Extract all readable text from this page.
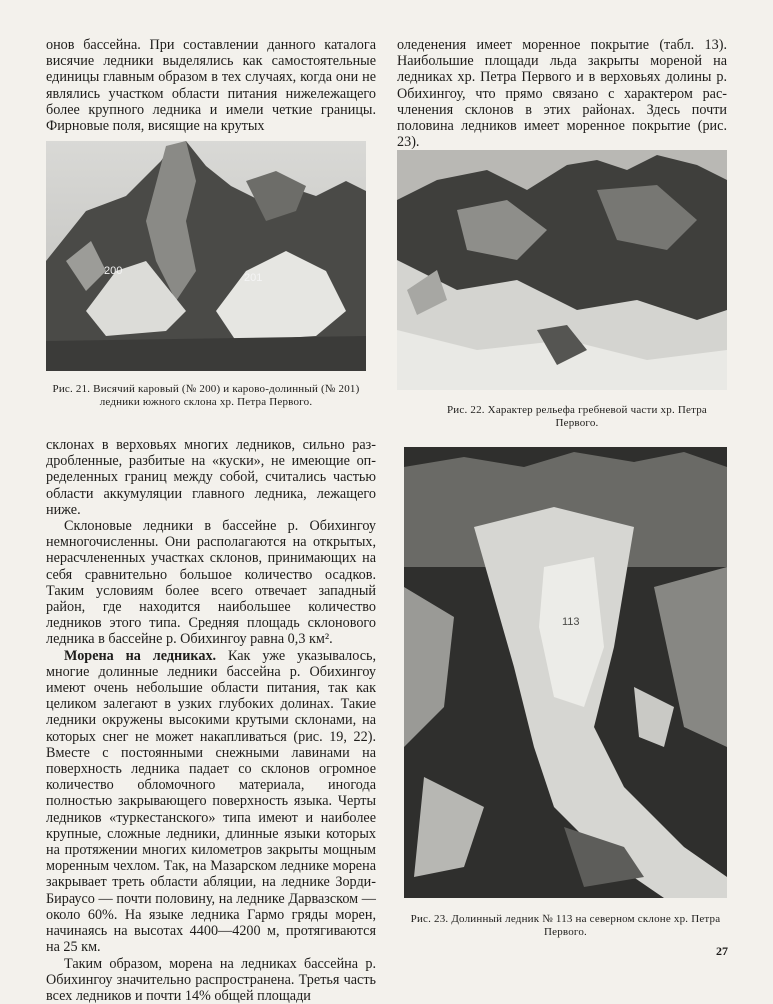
онов бассейна. При составлении данного каталога висячие ледники выделялись как самостоятельные единицы главным образом в тех случаях, когда они не являлись участком области питания нижележащего более крупного ледника и имели четкие границы. Фирновые поля, висящие на крутых

оледенения имеет моренное покрытие (табл. 13). Наибольшие площади льда закрыты мореной на ледниках хр. Петра Первого и в верховьях долины р. Обихингоу, что прямо связано с характером расчленения склонов в этих районах. Здесь почти половина ледников имеет моренное покрытие (рис. 23).

200
201
Рис. 21. Висячий каровый (№ 200) и карово-долинный (№ 201) ледники южного склона хр. Петра Первого.
Рис. 22. Характер рельефа гребневой части хр. Петра Первого.

склонах в верховьях многих ледников, сильно раздробленные, разбитые на «куски», не имеющие определенных границ между собой, считались частью области аккумуляции главного ледника, лежащего ниже.

Склоновые ледники в бассейне р. Обихингоу немногочисленны. Они располагаются на открытых, нерасчлененных участках склонов, принимающих на себя сравнительно большое количество осадков. Таким условиям более всего отвечает западный район, где находится наибольшее количество ледников этого типа. Средняя площадь склонового ледника в бассейне р. Обихингоу равна 0,3 км².

Морена на ледниках. Как уже указывалось, многие долинные ледники бассейна р. Обихингоу имеют очень небольшие области питания, так как целиком залегают в узких глубоких долинах. Такие ледники окружены высокими крутыми склонами, на которых снег не может накапливаться (рис. 19, 22). Вместе с постоянными снежными лавинами на поверхность ледника падает со склонов огромное количество обломочного материала, иногода полностью закрывающего поверхность языка. Черты ледников «туркестанского» типа имеют и наиболее крупные, сложные ледники, длинные языки которых на протяжении многих километров закрыты мощным моренным чехлом. Так, на Мазарском леднике морена закрывает треть области абляции, на леднике Зорди-Бираусо — почти половину, на леднике Дарвазском — около 60%. На языке ледника Гармо гряды морен, начинаясь на высотах 4400—4200 м, протягиваются на 25 км.

Таким образом, морена на ледниках бассейна р. Обихингоу значительно распространена. Третья часть всех ледников и почти 14% общей площади

113
Рис. 23. Долинный ледник № 113 на северном склоне хр. Петра Первого.
27
